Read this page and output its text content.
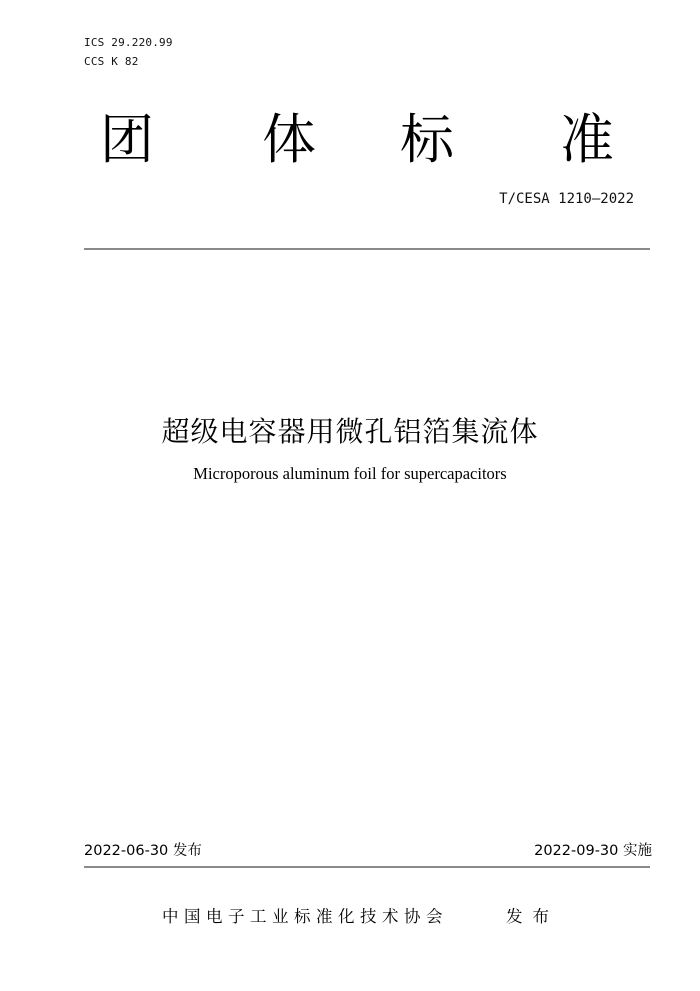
ICS 29.220.99
CCS K 82
团 体 标 准
T/CESA 1210—2022
超级电容器用微孔铝箔集流体
Microporous aluminum foil for supercapacitors
2022-06-30 发布	2022-09-30 实施
中国电子工业标准化技术协会	发布
